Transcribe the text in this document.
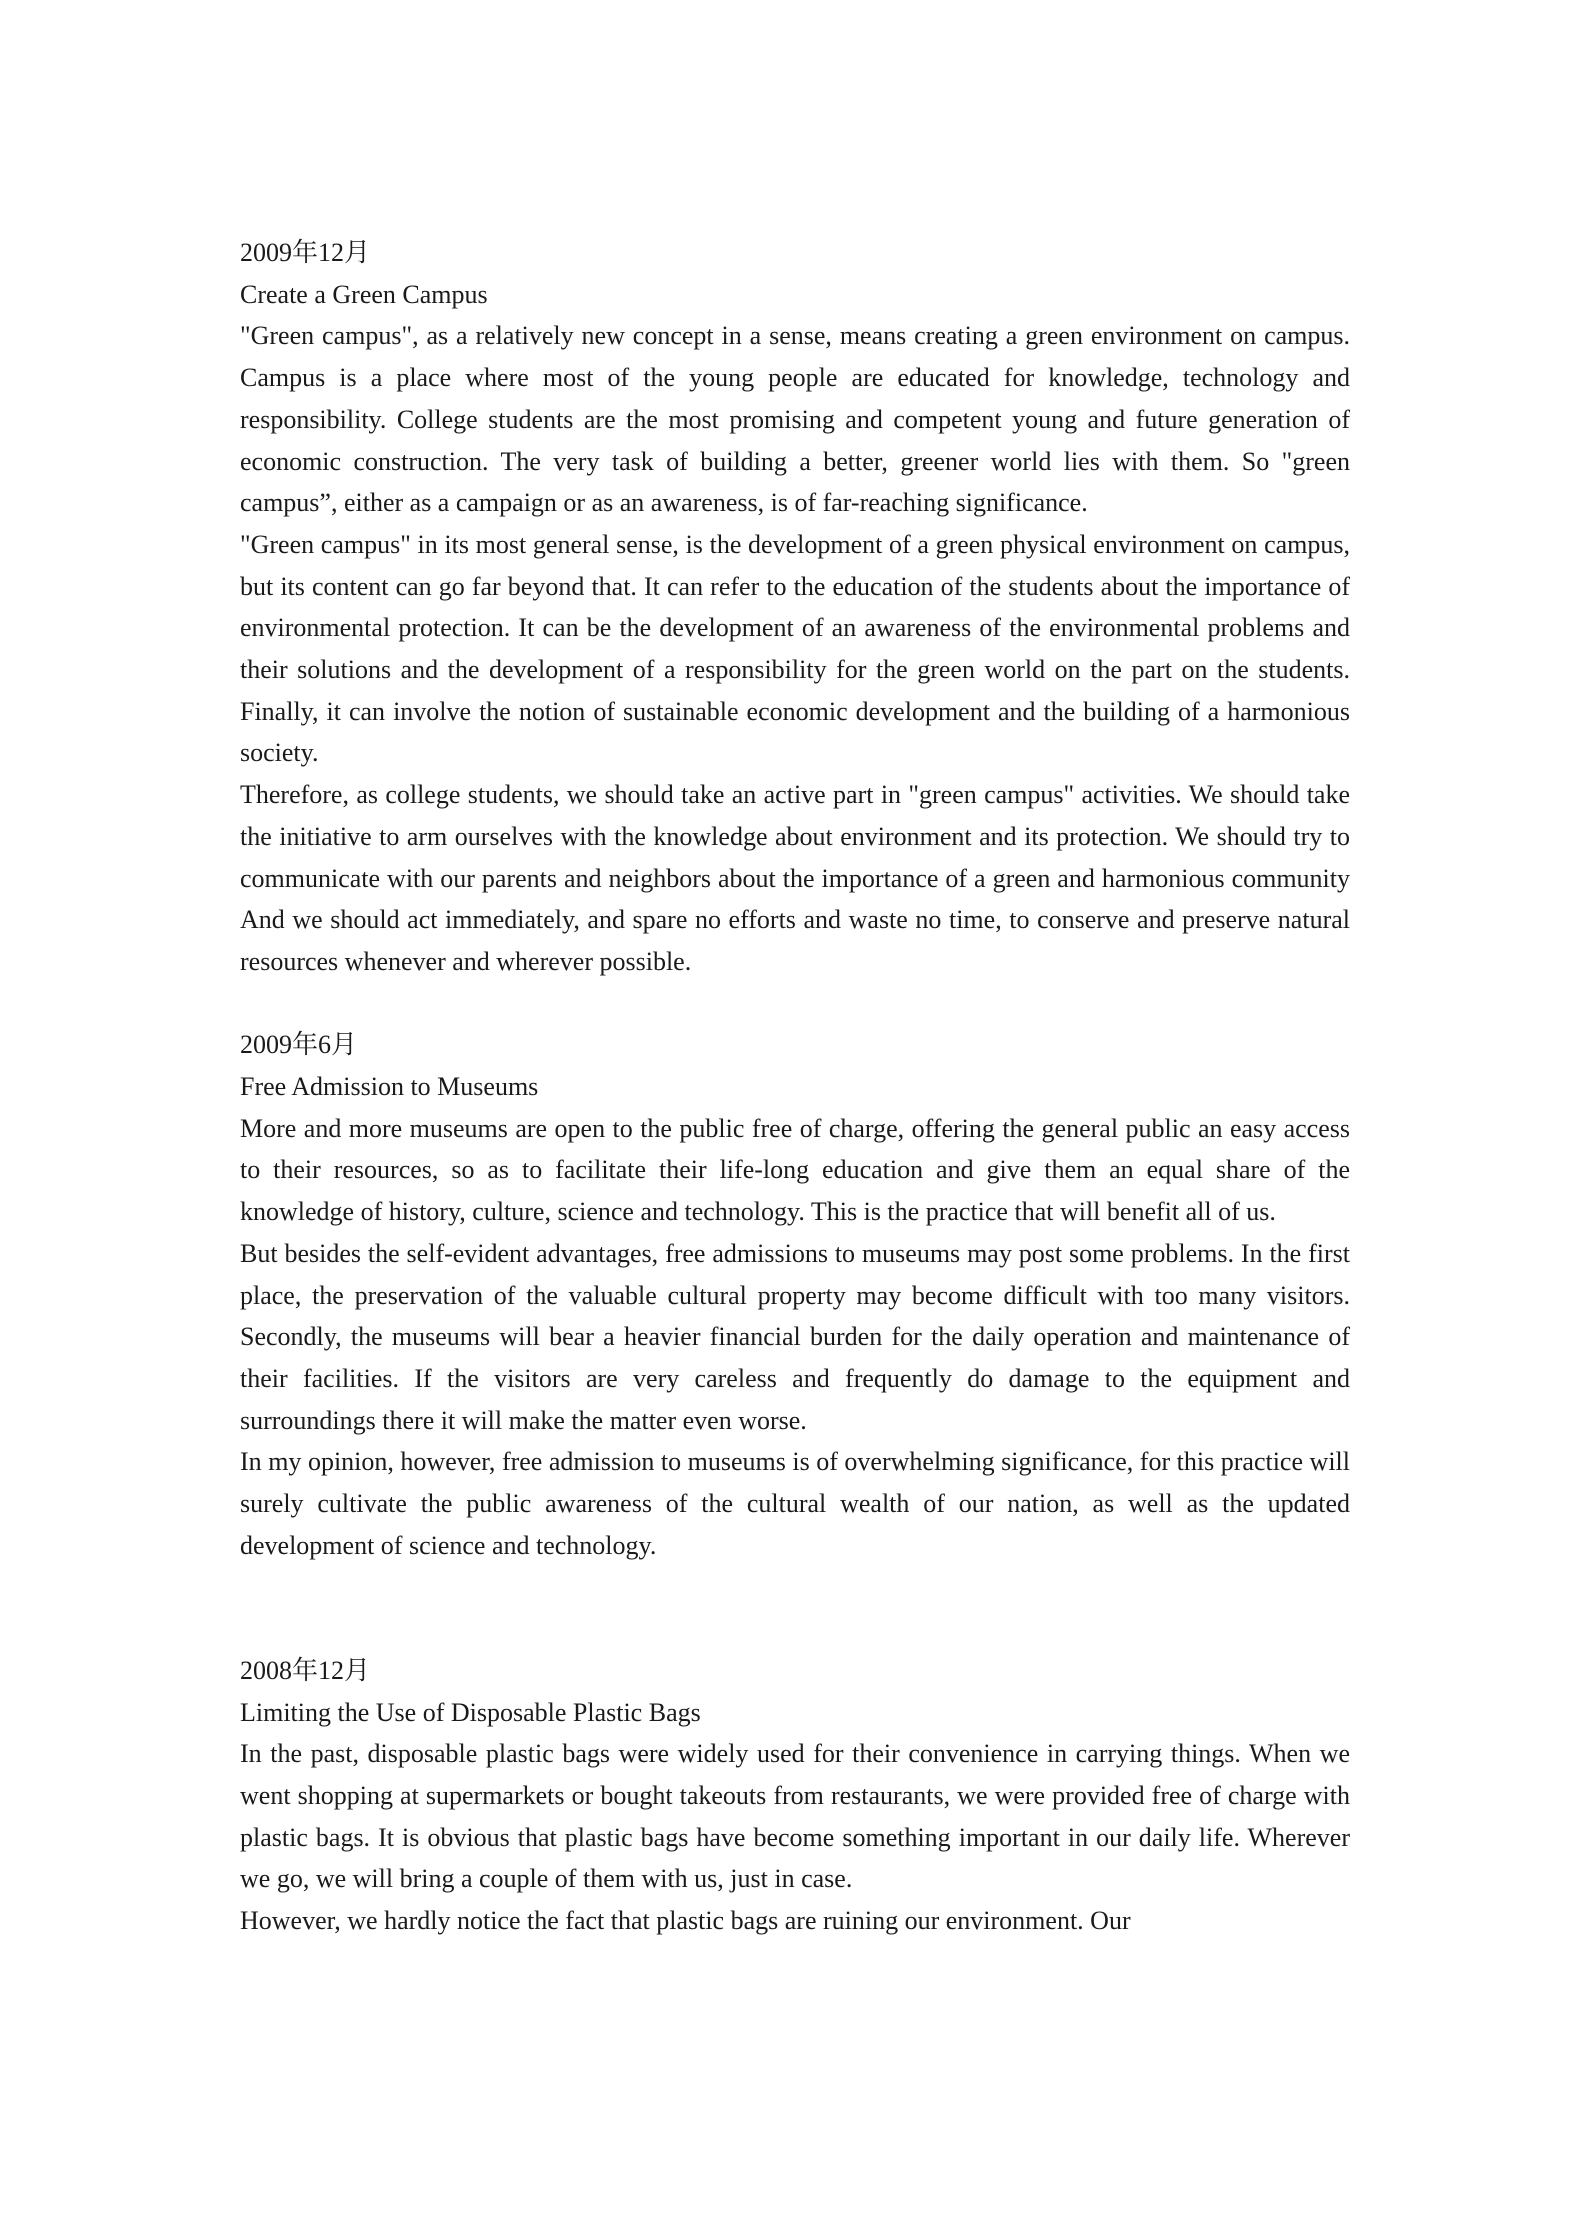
2009年12月
Create a Green Campus

"Green campus", as a relatively new concept in a sense, means creating a green environment on campus. Campus is a place where most of the young people are educated for knowledge, technology and responsibility. College students are the most promising and competent young and future generation of economic construction. The very task of building a better, greener world lies with them. So "green campus”, either as a campaign or as an awareness, is of far-reaching significance.

"Green campus" in its most general sense, is the development of a green physical environment on campus, but its content can go far beyond that. It can refer to the education of the students about the importance of environmental protection. It can be the development of an awareness of the environmental problems and their solutions and the development of a responsibility for the green world on the part on the students. Finally, it can involve the notion of sustainable economic development and the building of a harmonious society.

Therefore, as college students, we should take an active part in "green campus" activities. We should take the initiative to arm ourselves with the knowledge about environment and its protection. We should try to communicate with our parents and neighbors about the importance of a green and harmonious community And we should act immediately, and spare no efforts and waste no time, to conserve and preserve natural resources whenever and wherever possible.

2009年6月
Free Admission to Museums

More and more museums are open to the public free of charge, offering the general public an easy access to their resources, so as to facilitate their life-long education and give them an equal share of the knowledge of history, culture, science and technology. This is the practice that will benefit all of us.

But besides the self-evident advantages, free admissions to museums may post some problems. In the first place, the preservation of the valuable cultural property may become difficult with too many visitors. Secondly, the museums will bear a heavier financial burden for the daily operation and maintenance of their facilities. If the visitors are very careless and frequently do damage to the equipment and surroundings there it will make the matter even worse.

In my opinion, however, free admission to museums is of overwhelming significance, for this practice will surely cultivate the public awareness of the cultural wealth of our nation, as well as the updated development of science and technology.

2008年12月
Limiting the Use of Disposable Plastic Bags

In the past, disposable plastic bags were widely used for their convenience in carrying things. When we went shopping at supermarkets or bought takeouts from restaurants, we were provided free of charge with plastic bags. It is obvious that plastic bags have become something important in our daily life. Wherever we go, we will bring a couple of them with us, just in case.

However, we hardly notice the fact that plastic bags are ruining our environment. Our
